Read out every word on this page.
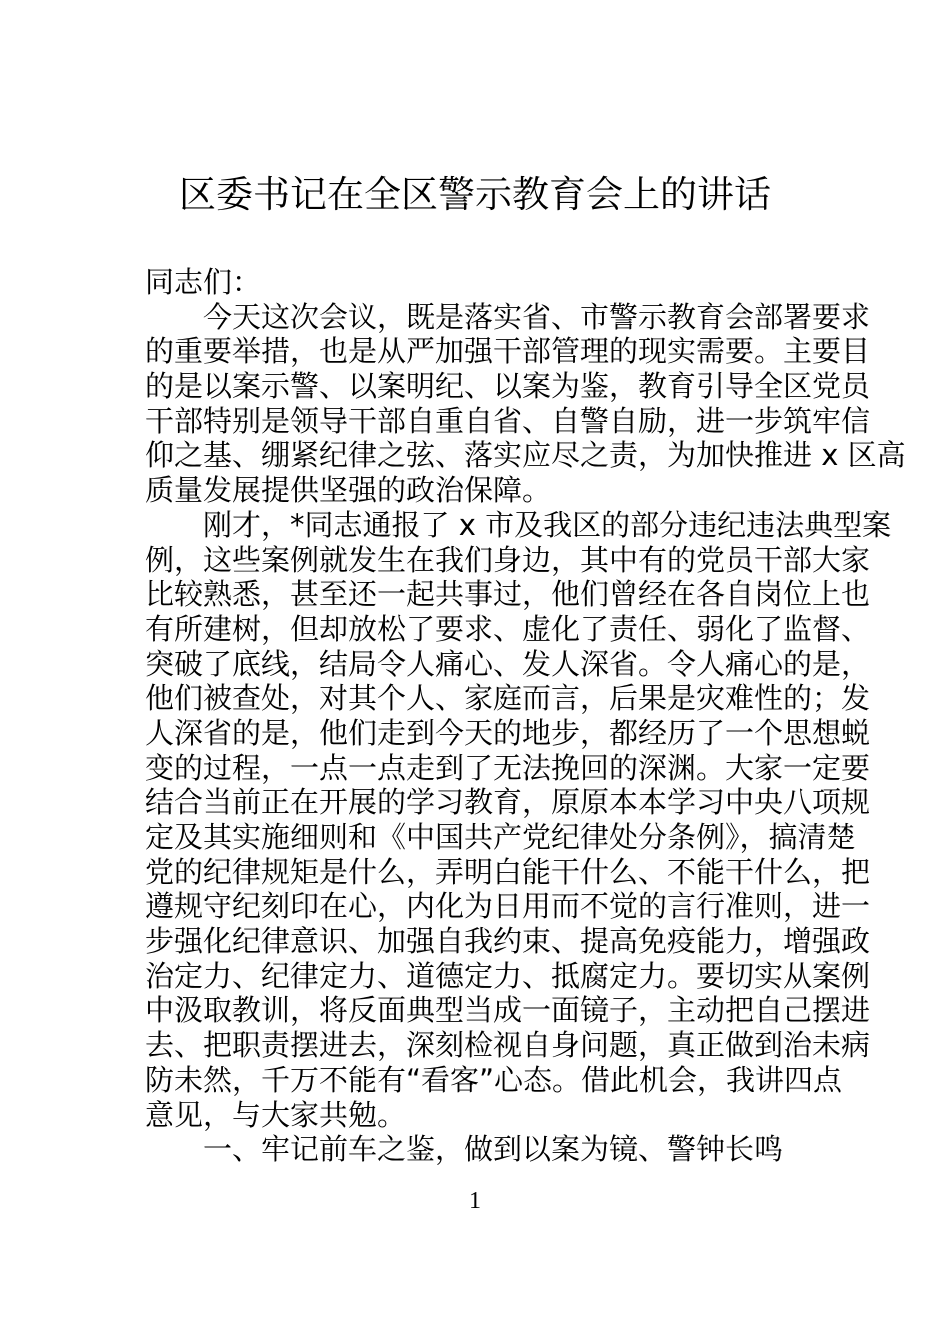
区委书记在全区警示教育会上的讲话
同志们：
今天这次会议，既是落实省、市警示教育会部署要求
的重要举措，也是从严加强干部管理的现实需要。主要目
的是以案示警、以案明纪、以案为鉴，教育引导全区党员
干部特别是领导干部自重自省、自警自励，进一步筑牢信
仰之基、绷紧纪律之弦、落实应尽之责，为加快推进 x 区高
质量发展提供坚强的政治保障。
刚才，*同志通报了 x 市及我区的部分违纪违法典型案
例，这些案例就发生在我们身边，其中有的党员干部大家
比较熟悉，甚至还一起共事过，他们曾经在各自岗位上也
有所建树，但却放松了要求、虚化了责任、弱化了监督、
突破了底线，结局令人痛心、发人深省。令人痛心的是，
他们被查处，对其个人、家庭而言，后果是灾难性的；发
人深省的是，他们走到今天的地步，都经历了一个思想蜕
变的过程，一点一点走到了无法挽回的深渊。大家一定要
结合当前正在开展的学习教育，原原本本学习中央八项规
定及其实施细则和《中国共产党纪律处分条例》，搞清楚
党的纪律规矩是什么，弄明白能干什么、不能干什么，把
遵规守纪刻印在心，内化为日用而不觉的言行准则，进一
步强化纪律意识、加强自我约束、提高免疫能力，增强政
治定力、纪律定力、道德定力、抵腐定力。要切实从案例
中汲取教训，将反面典型当成一面镜子，主动把自己摆进
去、把职责摆进去，深刻检视自身问题，真正做到治未病
防未然，千万不能有“看客”心态。借此机会，我讲四点
意见，与大家共勉。
一、牢记前车之鉴，做到以案为镜、警钟长鸣
1
